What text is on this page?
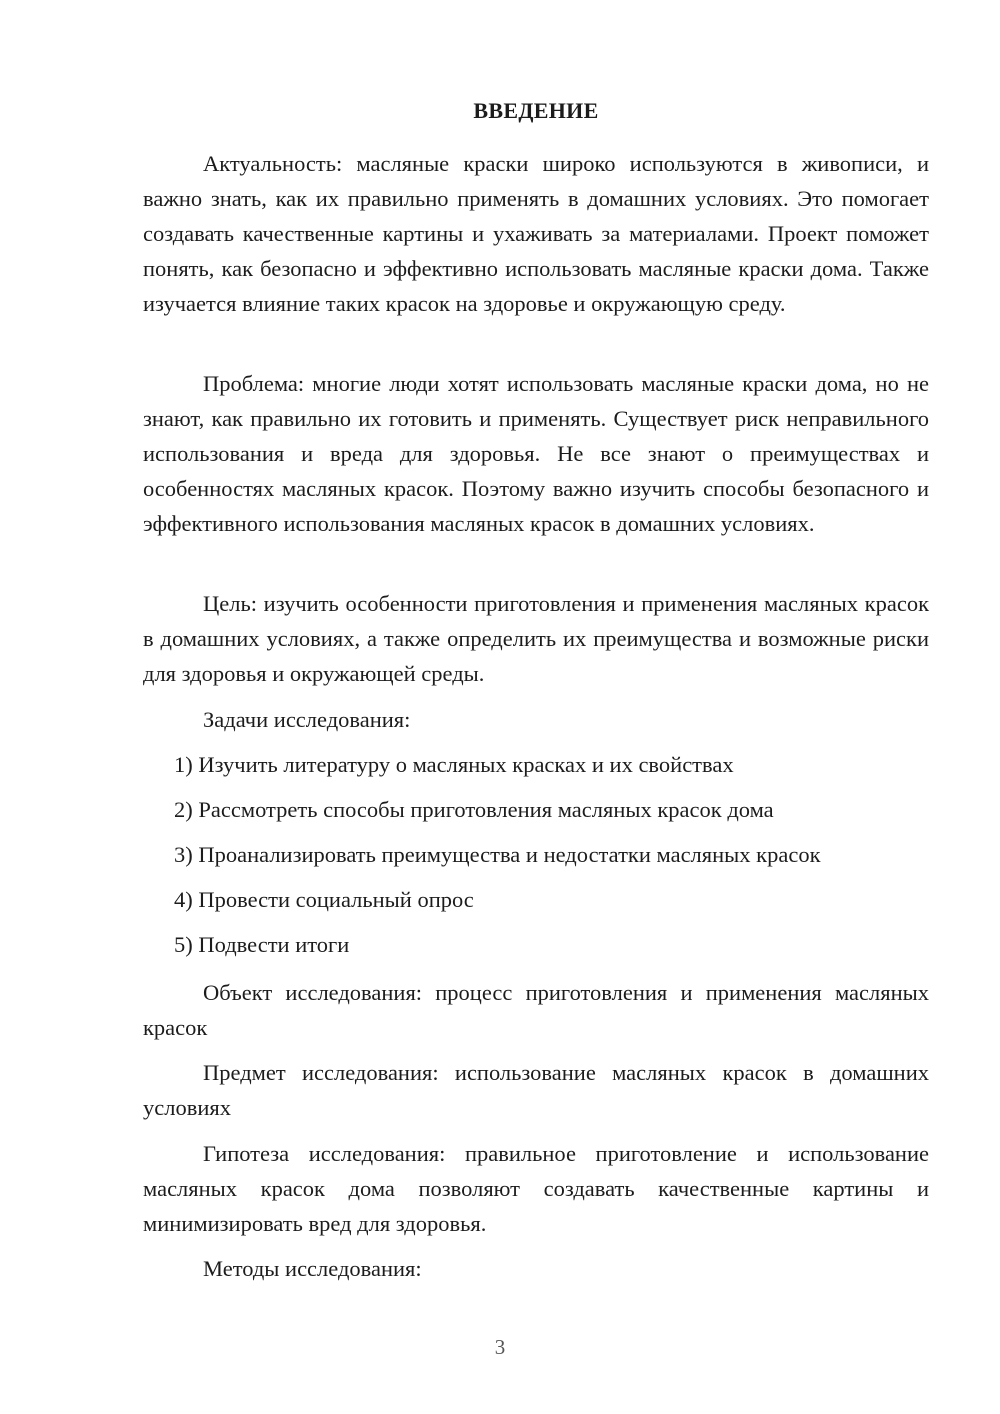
ВВЕДЕНИЕ

Актуальность: масляные краски широко используются в живописи, и важно знать, как их правильно применять в домашних условиях. Это помогает создавать качественные картины и ухаживать за материалами. Проект поможет понять, как безопасно и эффективно использовать масляные краски дома. Также изучается влияние таких красок на здоровье и окружающую среду.

Проблема: многие люди хотят использовать масляные краски дома, но не знают, как правильно их готовить и применять. Существует риск неправильного использования и вреда для здоровья. Не все знают о преимуществах и особенностях масляных красок. Поэтому важно изучить способы безопасного и эффективного использования масляных красок в домашних условиях.

Цель: изучить особенности приготовления и применения масляных красок в домашних условиях, а также определить их преимущества и возможные риски для здоровья и окружающей среды.

Задачи исследования:
1) Изучить литературу о масляных красках и их свойствах
2) Рассмотреть способы приготовления масляных красок дома
3) Проанализировать преимущества и недостатки масляных красок
4) Провести социальный опрос
5) Подвести итоги

Объект исследования: процесс приготовления и применения масляных красок

Предмет исследования: использование масляных красок в домашних условиях

Гипотеза исследования: правильное приготовление и использование масляных красок дома позволяют создавать качественные картины и минимизировать вред для здоровья.

Методы исследования:
3
